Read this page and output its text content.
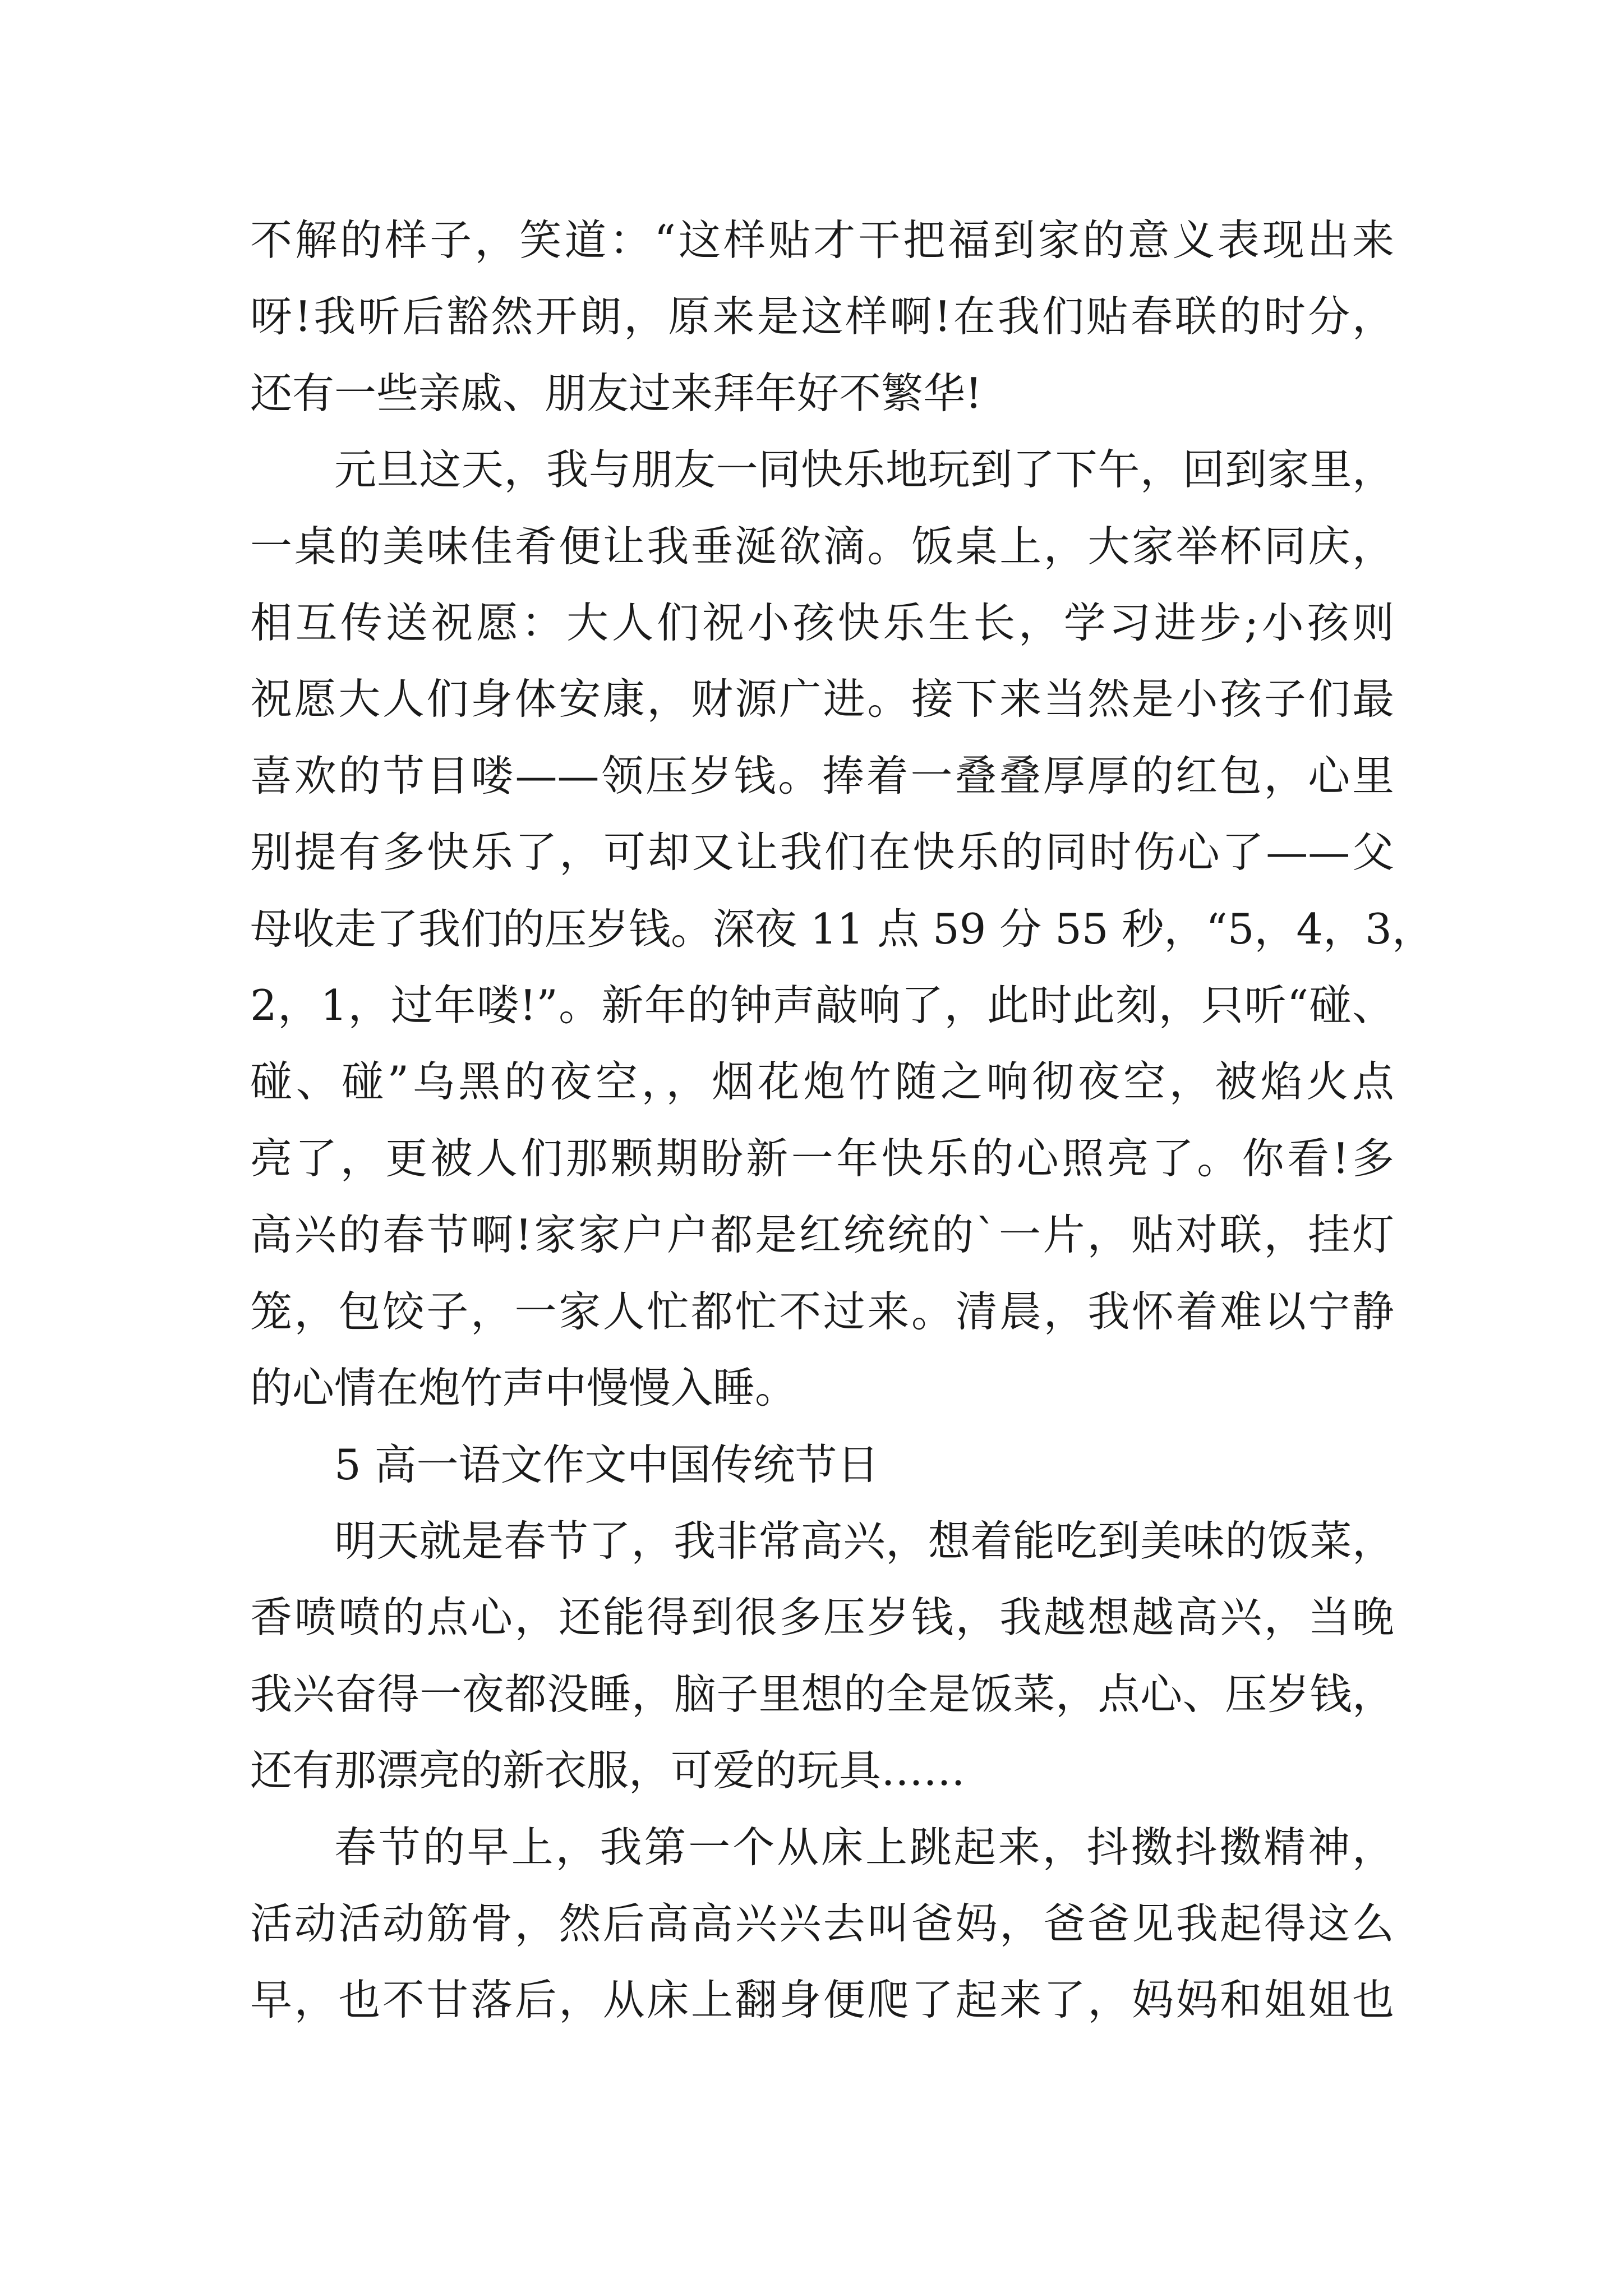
不解的样子，笑道：“这样贴才干把福到家的意义表现出来
呀!我听后豁然开朗，原来是这样啊!在我们贴春联的时分，
还有一些亲戚、朋友过来拜年好不繁华!
元旦这天，我与朋友一同快乐地玩到了下午，回到家里，
一桌的美味佳肴便让我垂涎欲滴。饭桌上，大家举杯同庆，
相互传送祝愿：大人们祝小孩快乐生长，学习进步;小孩则
祝愿大人们身体安康，财源广进。接下来当然是小孩子们最
喜欢的节目喽——领压岁钱。捧着一叠叠厚厚的红包，心里
别提有多快乐了，可却又让我们在快乐的同时伤心了——父
母收走了我们的压岁钱。深夜 11 点 59 分 55 秒，“5，4，3，
2，1，过年喽!”。新年的钟声敲响了，此时此刻，只听“碰、
碰、碰”乌黑的夜空，，烟花炮竹随之响彻夜空，被焰火点
亮了，更被人们那颗期盼新一年快乐的心照亮了。你看!多
高兴的春节啊!家家户户都是红统统的`一片，贴对联，挂灯
笼，包饺子，一家人忙都忙不过来。清晨，我怀着难以宁静
的心情在炮竹声中慢慢入睡。
5 高一语文作文中国传统节日
明天就是春节了，我非常高兴，想着能吃到美味的饭菜，
香喷喷的点心，还能得到很多压岁钱，我越想越高兴，当晚
我兴奋得一夜都没睡，脑子里想的全是饭菜，点心、压岁钱，
还有那漂亮的新衣服，可爱的玩具……
春节的早上，我第一个从床上跳起来，抖擞抖擞精神，
活动活动筋骨，然后高高兴兴去叫爸妈，爸爸见我起得这么
早，也不甘落后，从床上翻身便爬了起来了，妈妈和姐姐也
